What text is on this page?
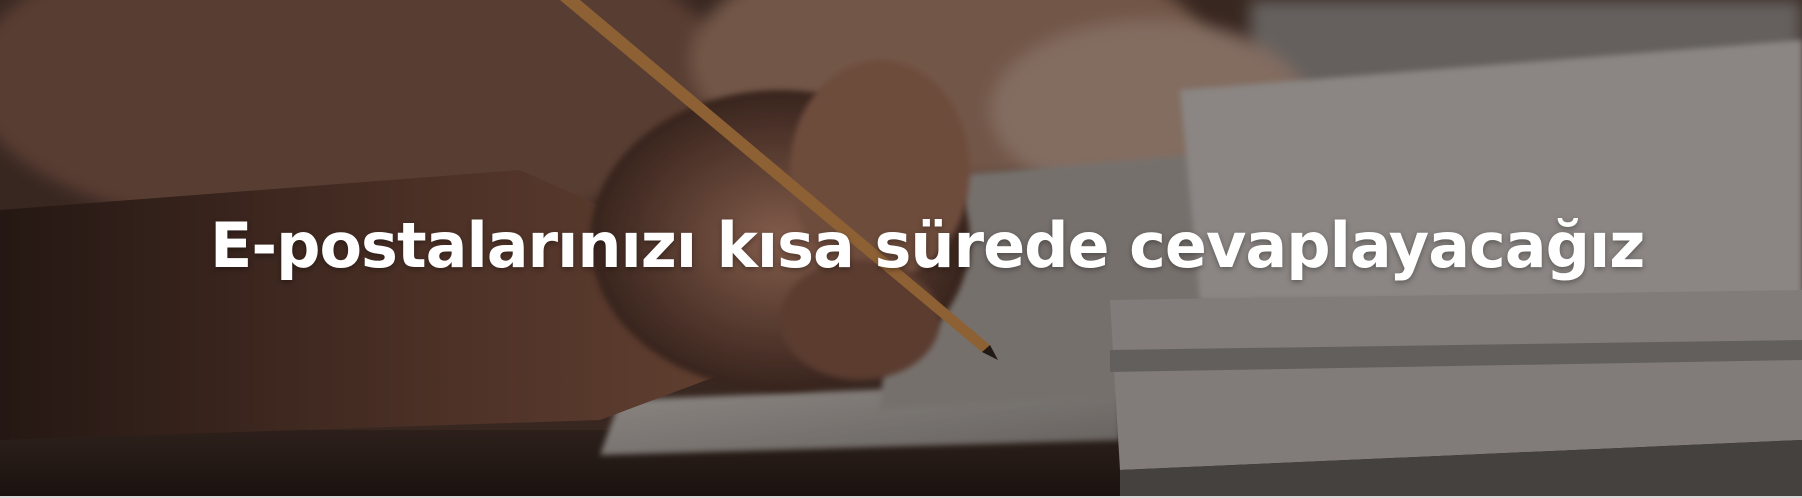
E-postalarınızı kısa sürede cevaplayacağız
